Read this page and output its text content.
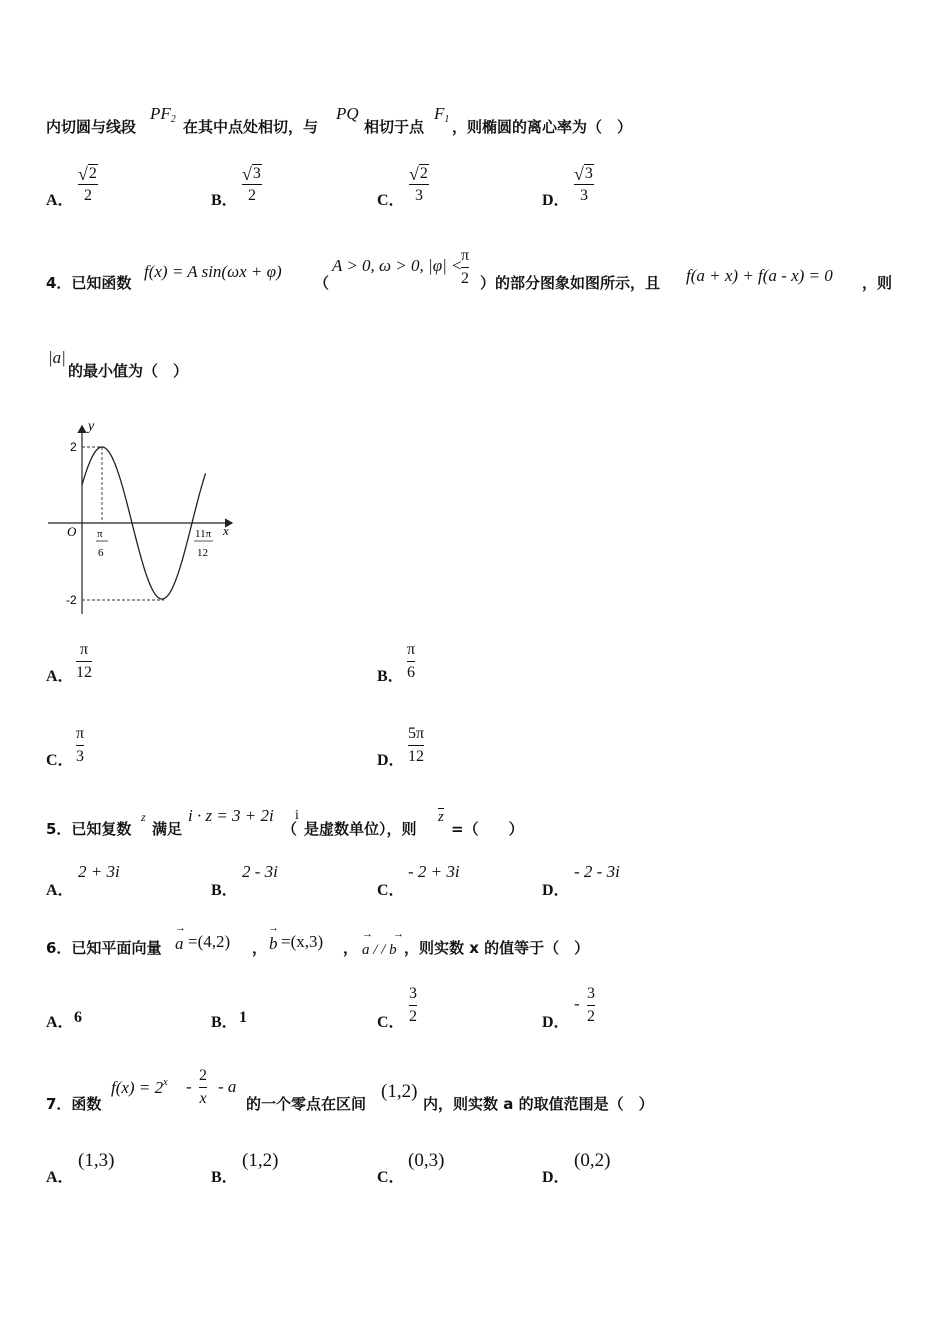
内切圆与线段
$PF_2$ 在其中点处相切，与
PQ
相切于点
$F_1$ ，则椭圆的离心率为（　）
A．
√ 2
2	B．
√ 3
2	C．
√ 2
3	D．
√ 3
3
4．已知函数
f(x) = A sin(ωx + φ)
（
A > 0, ω > 0, |φ| <
π
2 ）的部分图象如图所示，且 f(a + x) + f(a - x) = 0 ，则
|a|
的最小值为（　）
y
x
O
2
-2
π
6
11π
12
A．
π
12	B．
π
6
C．
π
3	D．
5π
12
5．已知复数
z
满足
i · z = 3 + 2i
（
i
是虚数单位），则
z
=（　　）
A．
2 + 3i
B．
2 - 3i
C．
- 2 + 3i
D．
- 2 - 3i
6．已知平面向量
→
a =(4,2) ，
→
b =(x,3) ，
→→
a / / b ，则实数 x 的值等于（　）
A． 6	B． 1	C．
3
2	D．
-
3
2
7．函数
$f(x) = 2^x$ -
2
x
- a
的一个零点在区间
(1,2)
内，则实数 a 的取值范围是（　）
A．
(1,3)
B．
(1,2)
C．
(0,3)
D．
(0,2)
